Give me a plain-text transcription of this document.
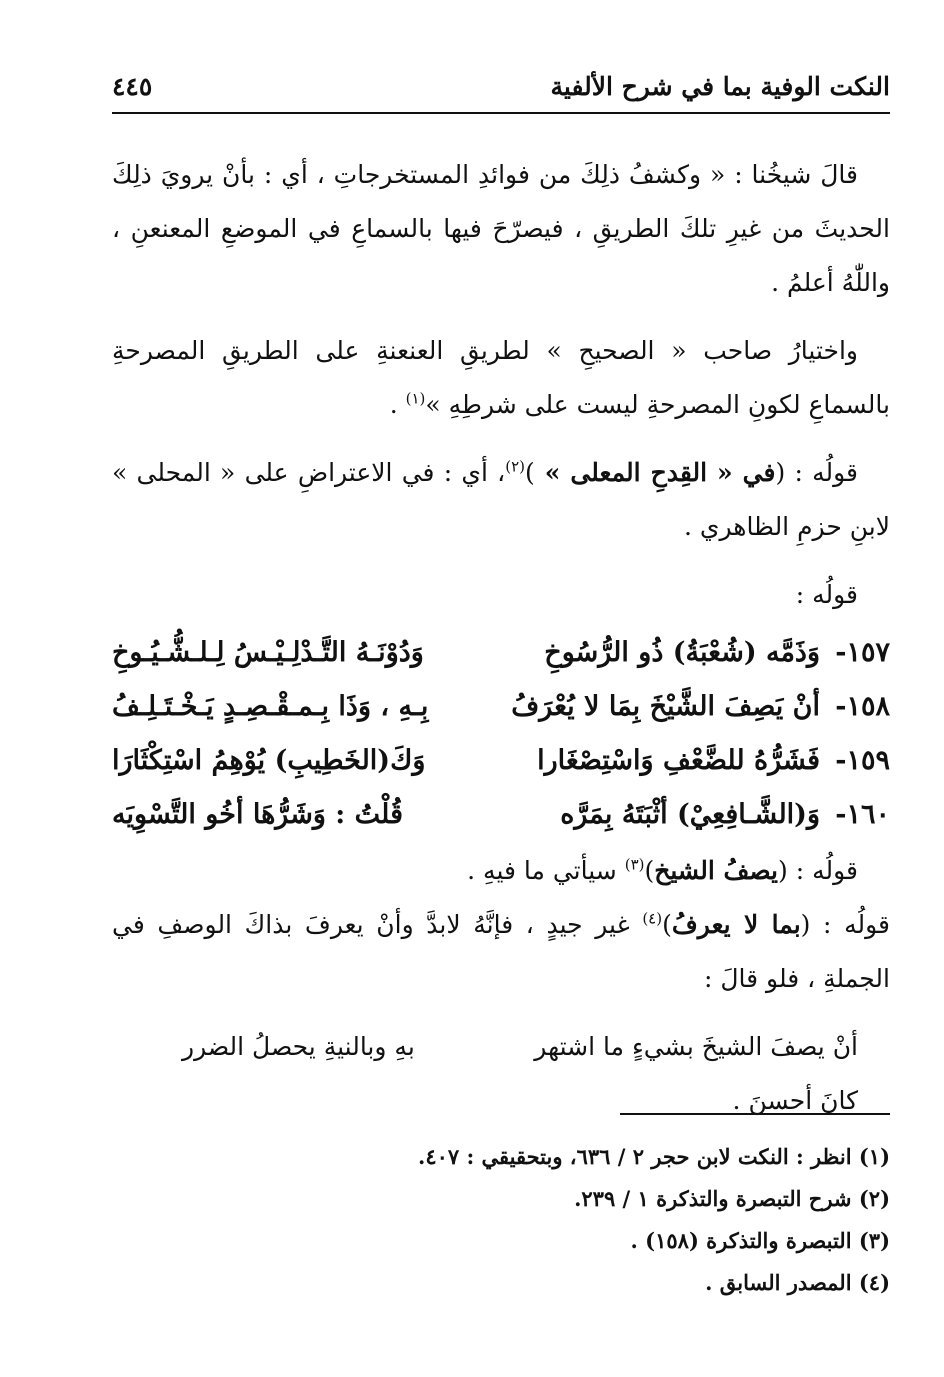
النكت الوفية بما في شرح الألفية
٤٤٥

قالَ شيخُنا : « وكشفُ ذلِكَ من فوائدِ المستخرجاتِ ، أي : بأنْ يرويَ ذلِكَ الحديثَ من غيرِ تلكَ الطريقِ ، فيصرّحَ فيها بالسماعِ في الموضعِ المعنعنِ ، واللّٰهُ أعلمُ .

واختيارُ صاحب « الصحيحِ » لطريقِ العنعنةِ على الطريقِ المصرحةِ بالسماعِ لكونِ المصرحةِ ليست على شرطِهِ »$^{(١)}$ .

قولُه : (في « القِدحِ المعلى » )$^{(٢)}$، أي : في الاعتراضِ على « المحلى » لابنِ حزمِ الظاهري .

قولُه :

١٥٧-
وَذَمَّه (شُعْبَةُ) ذُو الرُّسُوخِ
وَدُوْنَـهُ التَّـدْلِـيْـسُ لِـلـشُّـيُـوخِ
١٥٨-
أنْ يَصِفَ الشَّيْخَ بِمَا لا يُعْرَفُ
بِـهِ ، وَذَا بِـمـقْـصِـدٍ يَـخْـتَـلِـفُ
١٥٩-
فَشَرُّهُ للضَّعْفِ وَاسْتِصْغَارا
وَكَ(الخَطِيبِ) يُوْهِمُ اسْتِكْثَارَا
١٦٠-
وَ(الشَّـافِعِيْ) أثْبَتَهُ بِمَرَّه
قُلْتُ : وَشَرُّهَا أخُو التَّسْوِيَه

قولُه : (يصفُ الشيخ)$^{(٣)}$ سيأتي ما فيهِ .

قولُه : (بما لا يعرفُ)$^{(٤)}$ غير جيدٍ ، فإنَّهُ لابدَّ وأنْ يعرفَ بذاكَ الوصفِ في الجملةِ ، فلو قالَ :

أنْ يصفَ الشيخَ بشيءٍ ما اشتهر
بهِ وبالنيةِ يحصلُ الضرر

كانَ أحسنَ .

(١) انظر : النكت لابن حجر ٢ / ٦٣٦، وبتحقيقي : ٤٠٧.

(٢) شرح التبصرة والتذكرة ١ / ٢٣٩.

(٣) التبصرة والتذكرة (١٥٨) .

(٤) المصدر السابق .
